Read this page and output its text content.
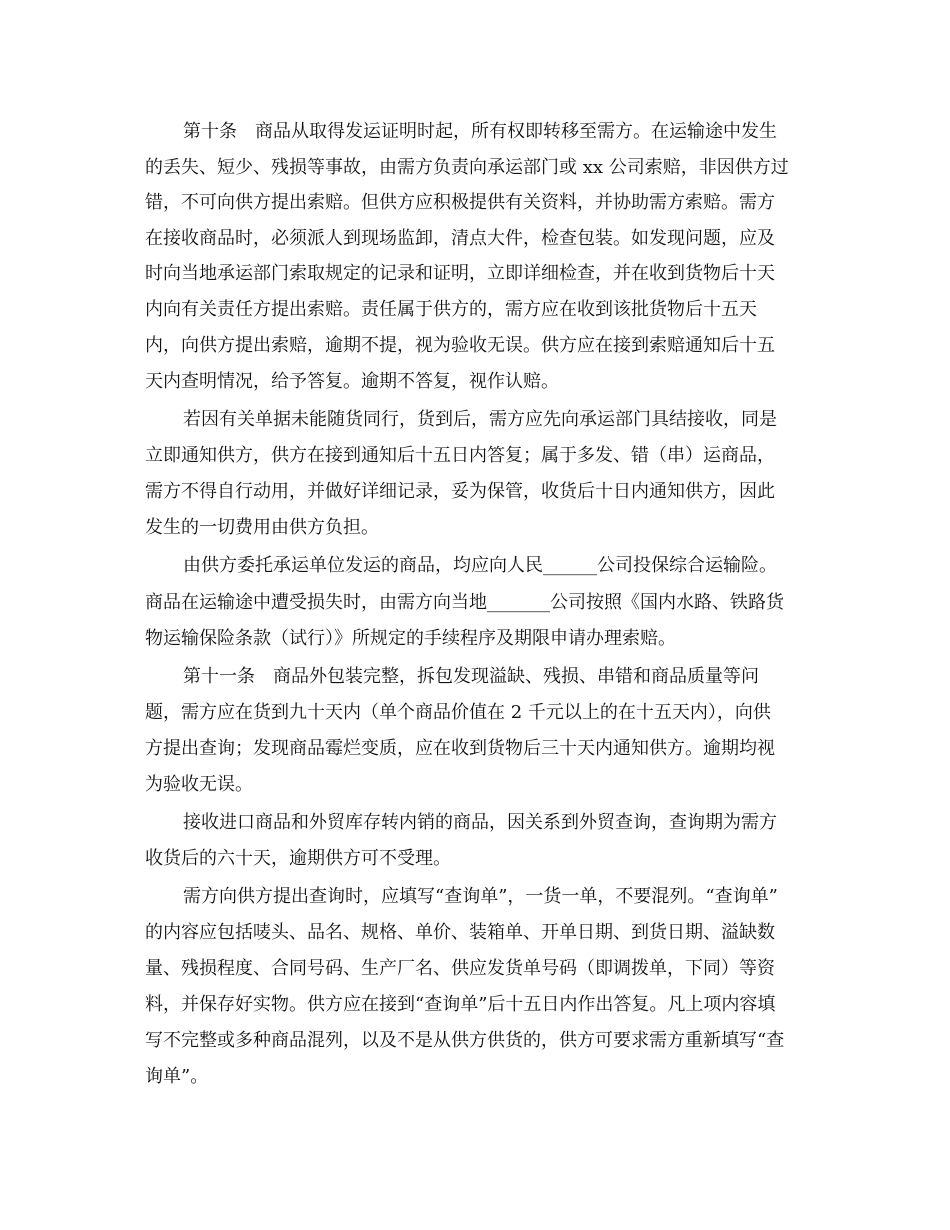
第十条　商品从取得发运证明时起，所有权即转移至需方。在运输途中发生

的丢失、短少、残损等事故，由需方负责向承运部门或 xx 公司索赔，非因供方过

错，不可向供方提出索赔。但供方应积极提供有关资料，并协助需方索赔。需方

在接收商品时，必须派人到现场监卸，清点大件，检查包装。如发现问题，应及

时向当地承运部门索取规定的记录和证明，立即详细检查，并在收到货物后十天

内向有关责任方提出索赔。责任属于供方的，需方应在收到该批货物后十五天

内，向供方提出索赔，逾期不提，视为验收无误。供方应在接到索赔通知后十五

天内查明情况，给予答复。逾期不答复，视作认赔。

若因有关单据未能随货同行，货到后，需方应先向承运部门具结接收，同是

立即通知供方，供方在接到通知后十五日内答复；属于多发、错（串）运商品，

需方不得自行动用，并做好详细记录，妥为保管，收货后十日内通知供方，因此

发生的一切费用由供方负担。

由供方委托承运单位发运的商品，均应向人民______公司投保综合运输险。

商品在运输途中遭受损失时，由需方向当地_______公司按照《国内水路、铁路货

物运输保险条款（试行）》所规定的手续程序及期限申请办理索赔。

第十一条　商品外包装完整，拆包发现溢缺、残损、串错和商品质量等问

题，需方应在货到九十天内（单个商品价值在 2 千元以上的在十五天内），向供

方提出查询；发现商品霉烂变质，应在收到货物后三十天内通知供方。逾期均视

为验收无误。

接收进口商品和外贸库存转内销的商品，因关系到外贸查询，查询期为需方

收货后的六十天，逾期供方可不受理。

需方向供方提出查询时，应填写“查询单”，一货一单，不要混列。“查询单”

的内容应包括唛头、品名、规格、单价、装箱单、开单日期、到货日期、溢缺数

量、残损程度、合同号码、生产厂名、供应发货单号码（即调拨单，下同）等资

料，并保存好实物。供方应在接到“查询单”后十五日内作出答复。凡上项内容填

写不完整或多种商品混列，以及不是从供方供货的，供方可要求需方重新填写“查

询单”。
